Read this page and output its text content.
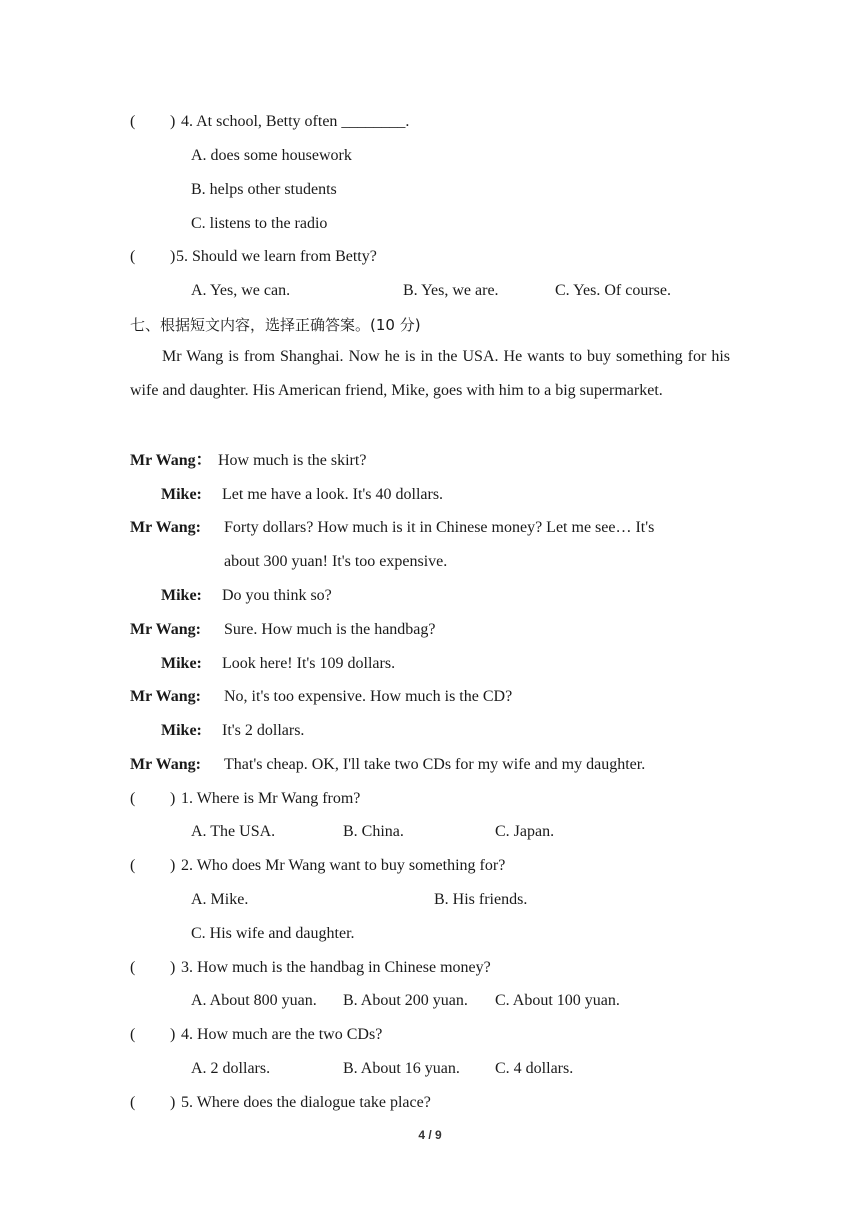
( ) 4. At school, Betty often ________.
A. does some housework
B. helps other students
C. listens to the radio
( ) 5. Should we learn from Betty?
A. Yes, we can.	B. Yes, we are.	C. Yes. Of course.
七、根据短文内容，选择正确答案。(10 分)
Mr Wang is from Shanghai. Now he is in the USA. He wants to buy something for his wife and daughter. His American friend, Mike, goes with him to a big supermarket.
Mr Wang： How much is the skirt?
Mike: Let me have a look. It's 40 dollars.
Mr Wang: Forty dollars? How much is it in Chinese money? Let me see… It's
about 300 yuan! It's too expensive.
Mike: Do you think so?
Mr Wang: Sure. How much is the handbag?
Mike: Look here! It's 109 dollars.
Mr Wang: No, it's too expensive. How much is the CD?
Mike: It's 2 dollars.
Mr Wang: That's cheap. OK, I'll take two CDs for my wife and my daughter.
( ) 1. Where is Mr Wang from?
A. The USA.	B. China.	C. Japan.
( ) 2. Who does Mr Wang want to buy something for?
A. Mike.	B. His friends.
C. His wife and daughter.
( ) 3. How much is the handbag in Chinese money?
A. About 800 yuan. B. About 200 yuan. C. About 100 yuan.
( ) 4. How much are the two CDs?
A. 2 dollars.	B. About 16 yuan. C. 4 dollars.
( ) 5. Where does the dialogue take place?
4 / 9
